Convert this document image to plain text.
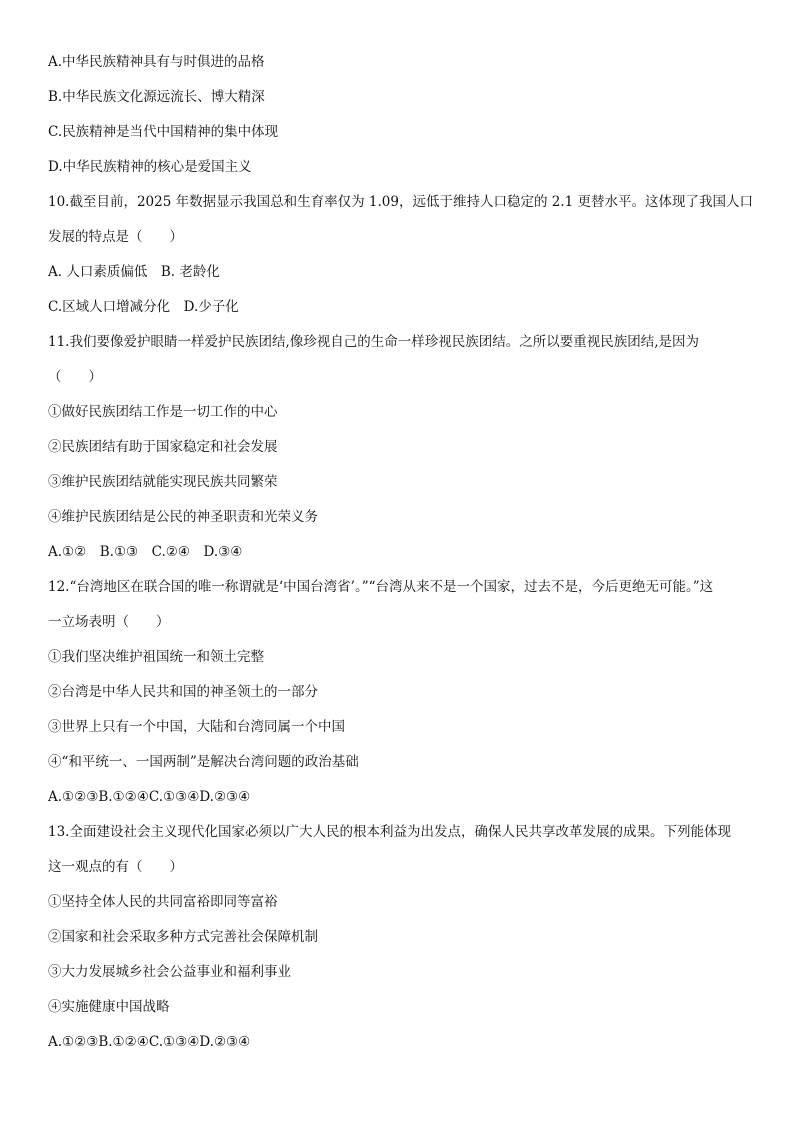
A.中华民族精神具有与时俱进的品格
B.中华民族文化源远流长、博大精深
C.民族精神是当代中国精神的集中体现
D.中华民族精神的核心是爱国主义
10.截至目前，2025 年数据显示我国总和生育率仅为 1.09，远低于维持人口稳定的 2.1 更替水平。这体现了我国人口
发展的特点是（　　）
A. 人口素质偏低　B. 老龄化
C.区域人口增减分化　D.少子化
11.我们要像爱护眼睛一样爱护民族团结,像珍视自己的生命一样珍视民族团结。之所以要重视民族团结,是因为
（　　）
①做好民族团结工作是一切工作的中心
②民族团结有助于国家稳定和社会发展
③维护民族团结就能实现民族共同繁荣
④维护民族团结是公民的神圣职责和光荣义务
A.①②　B.①③　C.②④　D.③④
12.“台湾地区在联合国的唯一称谓就是‘中国台湾省’。”“台湾从来不是一个国家，过去不是，今后更绝无可能。”这
一立场表明（　　）
①我们坚决维护祖国统一和领土完整
②台湾是中华人民共和国的神圣领土的一部分
③世界上只有一个中国，大陆和台湾同属一个中国
④“和平统一、一国两制”是解决台湾问题的政治基础
A.①②③B.①②④C.①③④D.②③④
13.全面建设社会主义现代化国家必须以广大人民的根本利益为出发点，确保人民共享改革发展的成果。下列能体现
这一观点的有（　　）
①坚持全体人民的共同富裕即同等富裕
②国家和社会采取多种方式完善社会保障机制
③大力发展城乡社会公益事业和福利事业
④实施健康中国战略
A.①②③B.①②④C.①③④D.②③④
